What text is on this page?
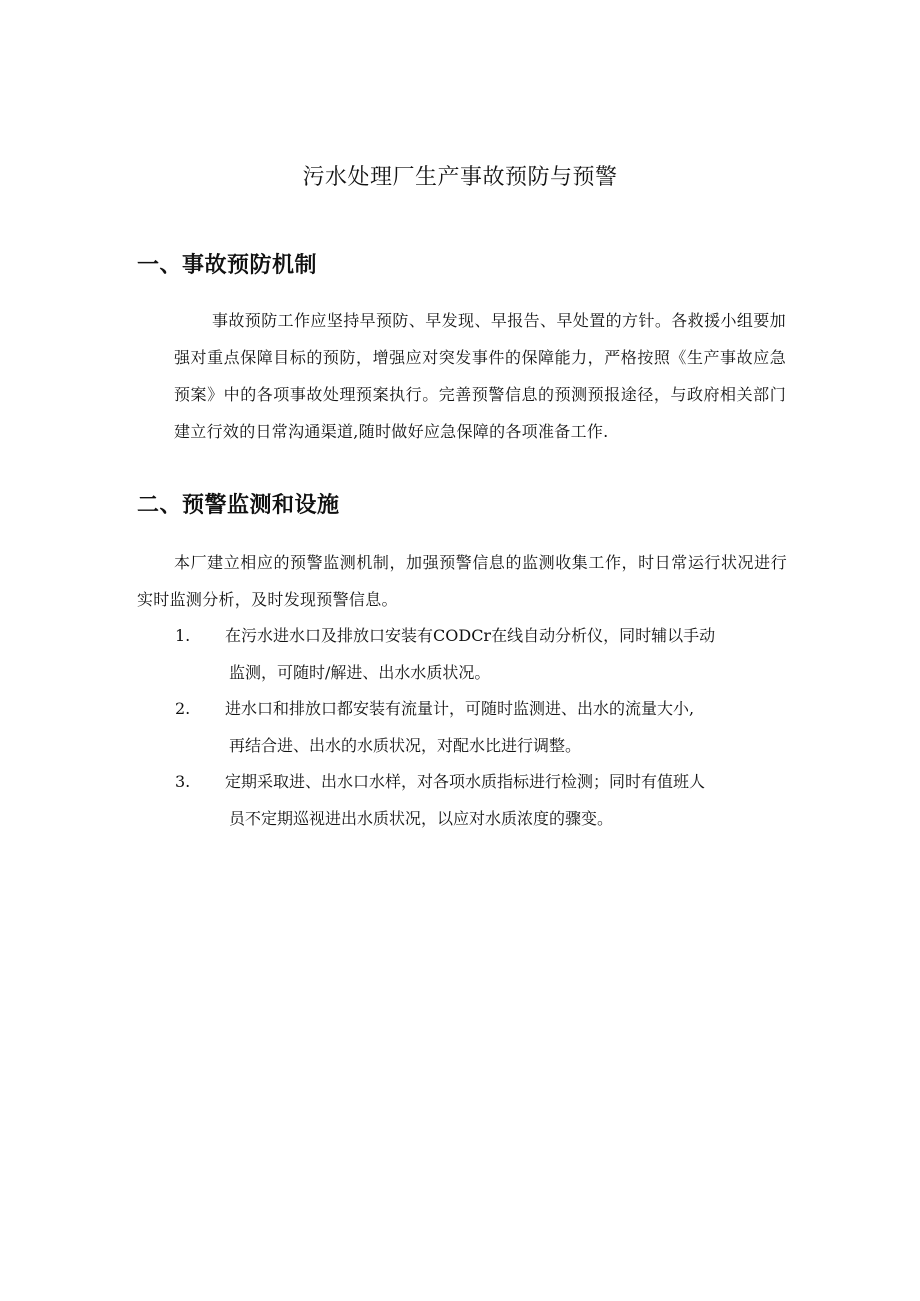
污水处理厂生产事故预防与预警
一、事故预防机制
事故预防工作应坚持早预防、早发现、早报告、早处置的方针。各救援小组要加强对重点保障目标的预防，增强应对突发事件的保障能力，严格按照《生产事故应急预案》中的各项事故处理预案执行。完善预警信息的预测预报途径，与政府相关部门建立行效的日常沟通渠道,随时做好应急保障的各项准备工作.
二、预警监测和设施
本厂建立相应的预警监测机制，加强预警信息的监测收集工作，时日常运行状况进行实时监测分析，及时发现预警信息。
1. 在污水进水口及排放口安装有CODCr在线自动分析仪，同时辅以手动
监测，可随时/解进、出水水质状况。
2. 进水口和排放口都安装有流量计，可随时监测进、出水的流量大小,
再结合进、出水的水质状况，对配水比进行调整。
3. 定期采取进、出水口水样，对各项水质指标进行检测；同时有值班人
员不定期巡视进出水质状况，以应对水质浓度的骤变。
